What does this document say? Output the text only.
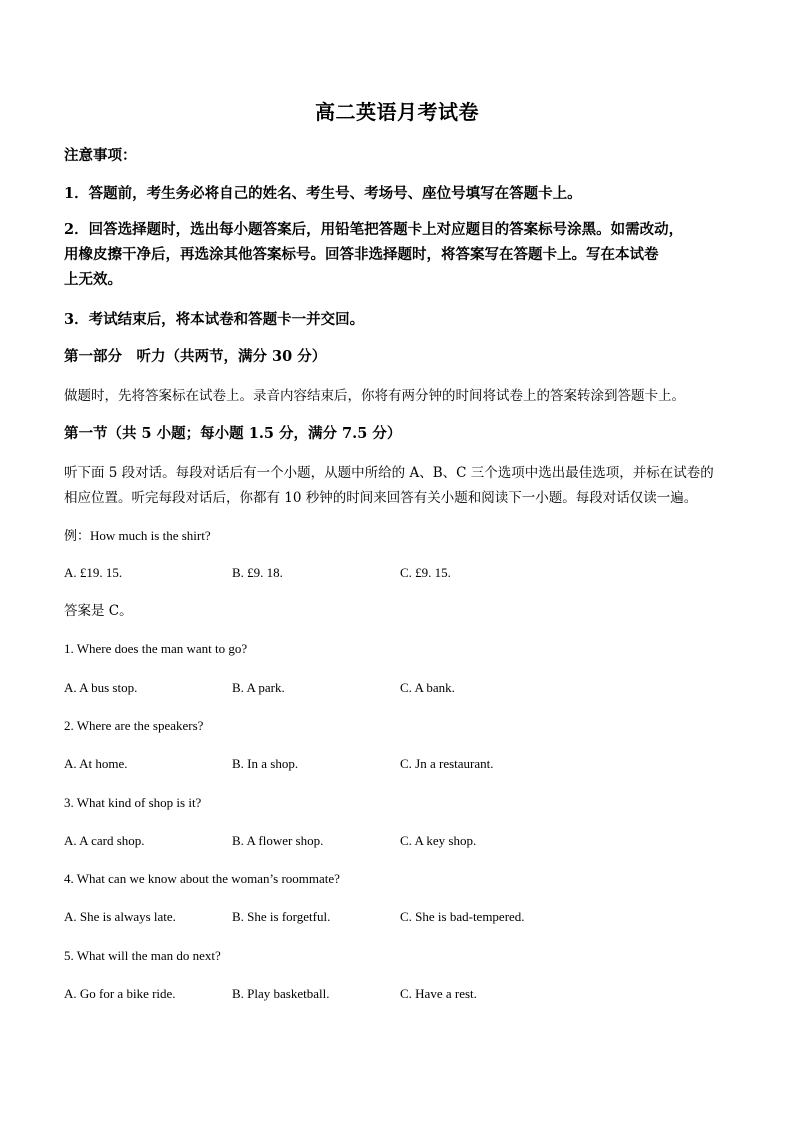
高二英语月考试卷
注意事项：
1．答题前，考生务必将自己的姓名、考生号、考场号、座位号填写在答题卡上。
2．回答选择题时，选出每小题答案后，用铅笔把答题卡上对应题目的答案标号涂黑。如需改动，
用橡皮擦干净后，再选涂其他答案标号。回答非选择题时，将答案写在答题卡上。写在本试卷
上无效。
3．考试结束后，将本试卷和答题卡一并交回。
第一部分　听力（共两节，满分 30 分）
做题时，先将答案标在试卷上。录音内容结束后，你将有两分钟的时间将试卷上的答案转涂到答题卡上。
第一节（共 5 小题；每小题 1.5 分，满分 7.5 分）
听下面 5 段对话。每段对话后有一个小题，从题中所给的 A、B、C 三个选项中选出最佳选项，并标在试卷的
相应位置。听完每段对话后，你都有 10 秒钟的时间来回答有关小题和阅读下一小题。每段对话仅读一遍。
例：How much is the shirt?
A. £19. 15.	B. £9. 18.	C. £9. 15.
答案是 C。
1. Where does the man want to go?
A. A bus stop.	B. A park.	C. A bank.
2. Where are the speakers?
A. At home.	B. In a shop.	C. Jn a restaurant.
3. What kind of shop is it?
A. A card shop.	B. A flower shop.	C. A key shop.
4. What can we know about the woman’s roommate?
A. She is always late.	B. She is forgetful.	C. She is bad-tempered.
5. What will the man do next?
A. Go for a bike ride.	B. Play basketball.	C. Have a rest.
